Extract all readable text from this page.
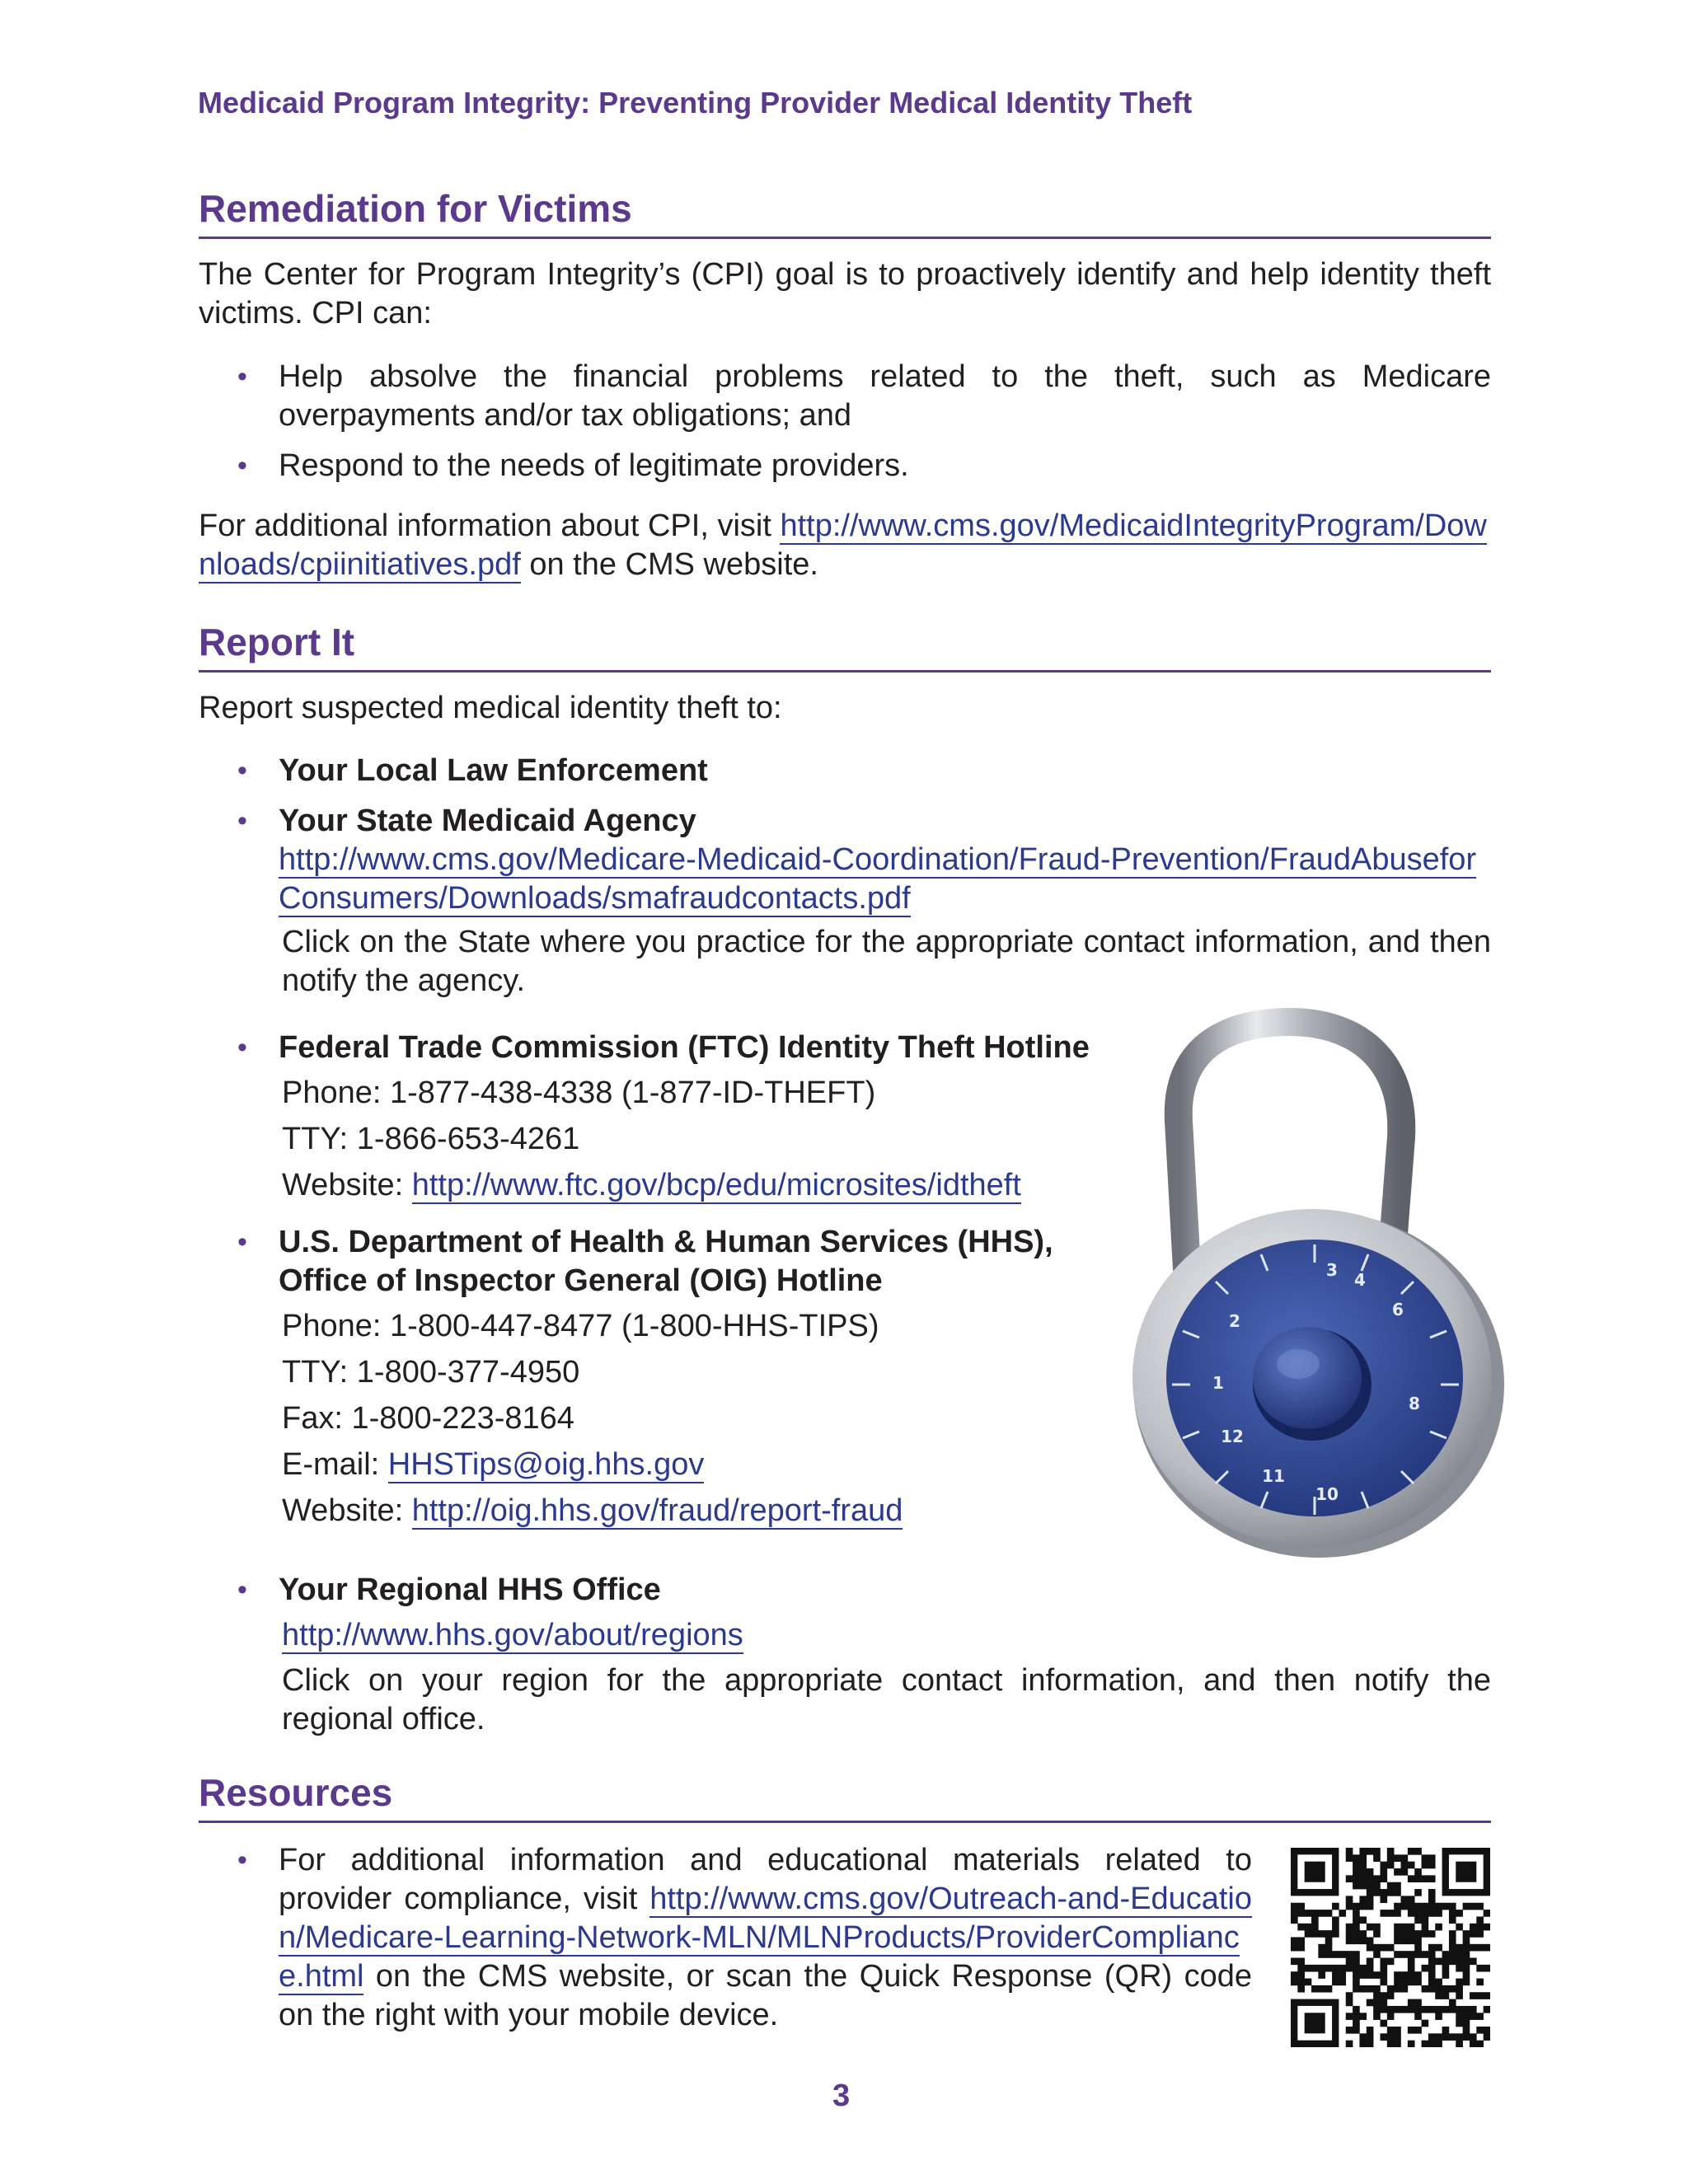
Medicaid Program Integrity: Preventing Provider Medical Identity Theft
Remediation for Victims

The Center for Program Integrity’s (CPI) goal is to proactively identify and help identity theft victims. CPI can:

• Help absolve the financial problems related to the theft, such as Medicare overpayments and/or tax obligations; and
• Respond to the needs of legitimate providers.

For additional information about CPI, visit http://www.cms.gov/MedicaidIntegrityProgram/Downloads/cpiinitiatives.pdf on the CMS website.

Report It

Report suspected medical identity theft to:

• Your Local Law Enforcement
• Your State Medicaid Agency
http://www.cms.gov/Medicare-Medicaid-Coordination/Fraud-Prevention/FraudAbuseforConsumers/Downloads/smafraudcontacts.pdf
Click on the State where you practice for the appropriate contact information, and then notify the agency.
• Federal Trade Commission (FTC) Identity Theft Hotline
Phone: 1-877-438-4338 (1-877-ID-THEFT)
TTY: 1-866-653-4261
Website: http://www.ftc.gov/bcp/edu/microsites/idtheft
• U.S. Department of Health & Human Services (HHS), Office of Inspector General (OIG) Hotline
Phone: 1-800-447-8477 (1-800-HHS-TIPS)
TTY: 1-800-377-4950
Fax: 1-800-223-8164
E-mail: HHSTips@oig.hhs.gov
Website: http://oig.hhs.gov/fraud/report-fraud
• Your Regional HHS Office
http://www.hhs.gov/about/regions
Click on your region for the appropriate contact information, and then notify the regional office.
4
6
3
2
1
12
11
10
8
Resources
• For additional information and educational materials related to provider compliance, visit http://www.cms.gov/Outreach-and-Education/Medicare-Learning-Network-MLN/MLNProducts/ProviderCompliance.html on the CMS website, or scan the Quick Response (QR) code on the right with your mobile device.
3
